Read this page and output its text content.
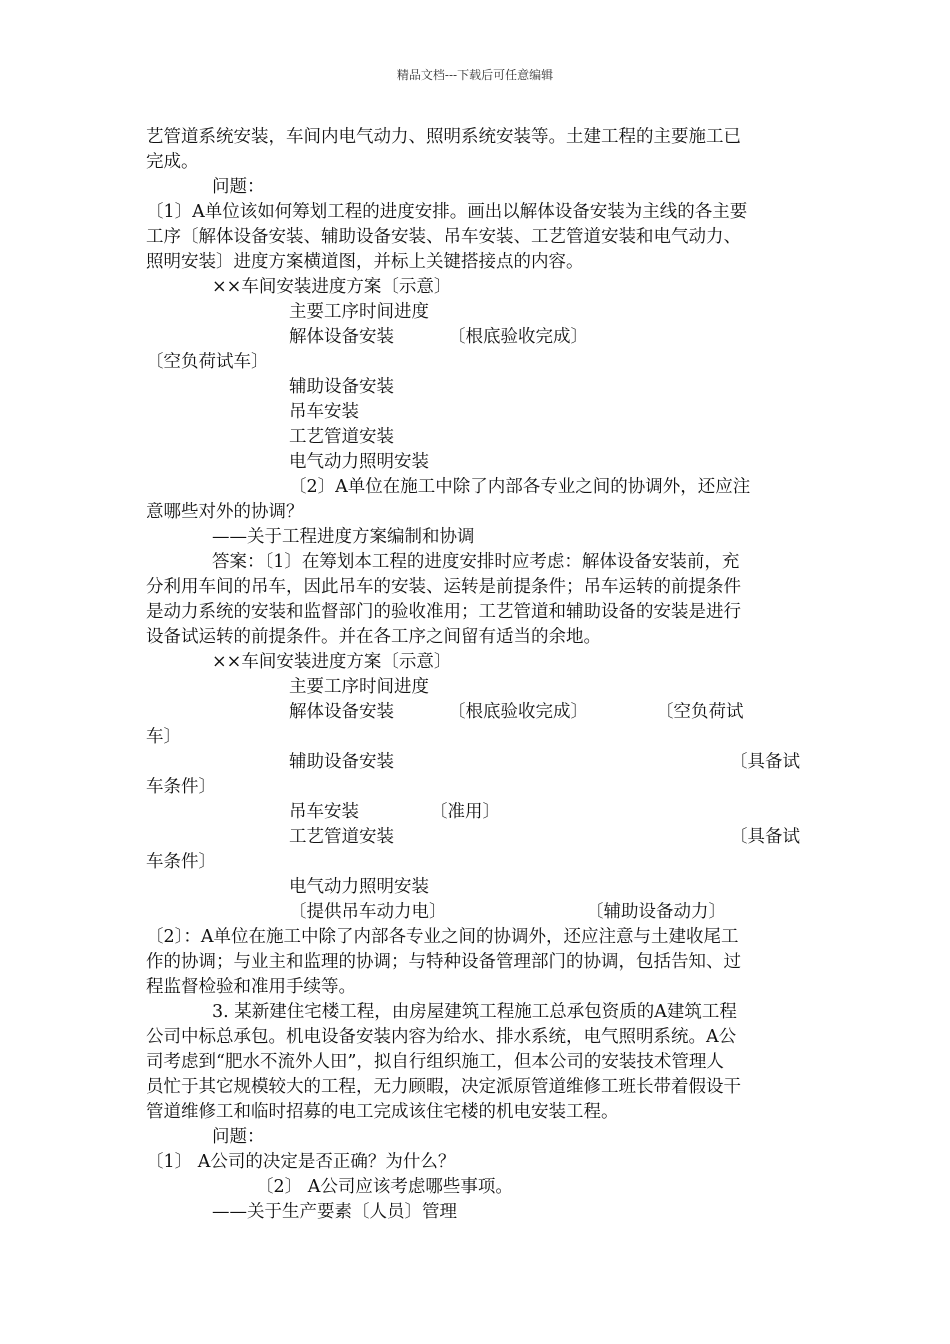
精品文档---下载后可任意编辑
艺管道系统安装，车间内电气动力、照明系统安装等。土建工程的主要施工已
完成。
问题：
〔1〕A单位该如何筹划工程的进度安排。画出以解体设备安装为主线的各主要
工序〔解体设备安装、辅助设备安装、吊车安装、工艺管道安装和电气动力、
照明安装〕进度方案横道图，并标上关键搭接点的内容。
××车间安装进度方案〔示意〕
主要工序时间进度
解体设备安装	〔根底验收完成〕
〔空负荷试车〕
辅助设备安装
吊车安装
工艺管道安装
电气动力照明安装
〔2〕A单位在施工中除了内部各专业之间的协调外，还应注
意哪些对外的协调？
——关于工程进度方案编制和协调
答案：〔1〕在筹划本工程的进度安排时应考虑：解体设备安装前，充
分利用车间的吊车，因此吊车的安装、运转是前提条件；吊车运转的前提条件
是动力系统的安装和监督部门的验收准用；工艺管道和辅助设备的安装是进行
设备试运转的前提条件。并在各工序之间留有适当的余地。
××车间安装进度方案〔示意〕
主要工序时间进度
解体设备安装	〔根底验收完成〕	〔空负荷试
车〕
辅助设备安装	〔具备试
车条件〕
吊车安装	〔准用〕
工艺管道安装	〔具备试
车条件〕
电气动力照明安装
〔提供吊车动力电〕	〔辅助设备动力〕
〔2〕：A单位在施工中除了内部各专业之间的协调外，还应注意与土建收尾工
作的协调；与业主和监理的协调；与特种设备管理部门的协调，包括告知、过
程监督检验和准用手续等。
3. 某新建住宅楼工程，由房屋建筑工程施工总承包资质的A建筑工程
公司中标总承包。机电设备安装内容为给水、排水系统，电气照明系统。A公
司考虑到“肥水不流外人田”，拟自行组织施工，但本公司的安装技术管理人
员忙于其它规模较大的工程，无力顾暇，决定派原管道维修工班长带着假设干
管道维修工和临时招募的电工完成该住宅楼的机电安装工程。
问题：
〔1〕 A公司的决定是否正确？为什么？
〔2〕 A公司应该考虑哪些事项。
——关于生产要素〔人员〕管理
